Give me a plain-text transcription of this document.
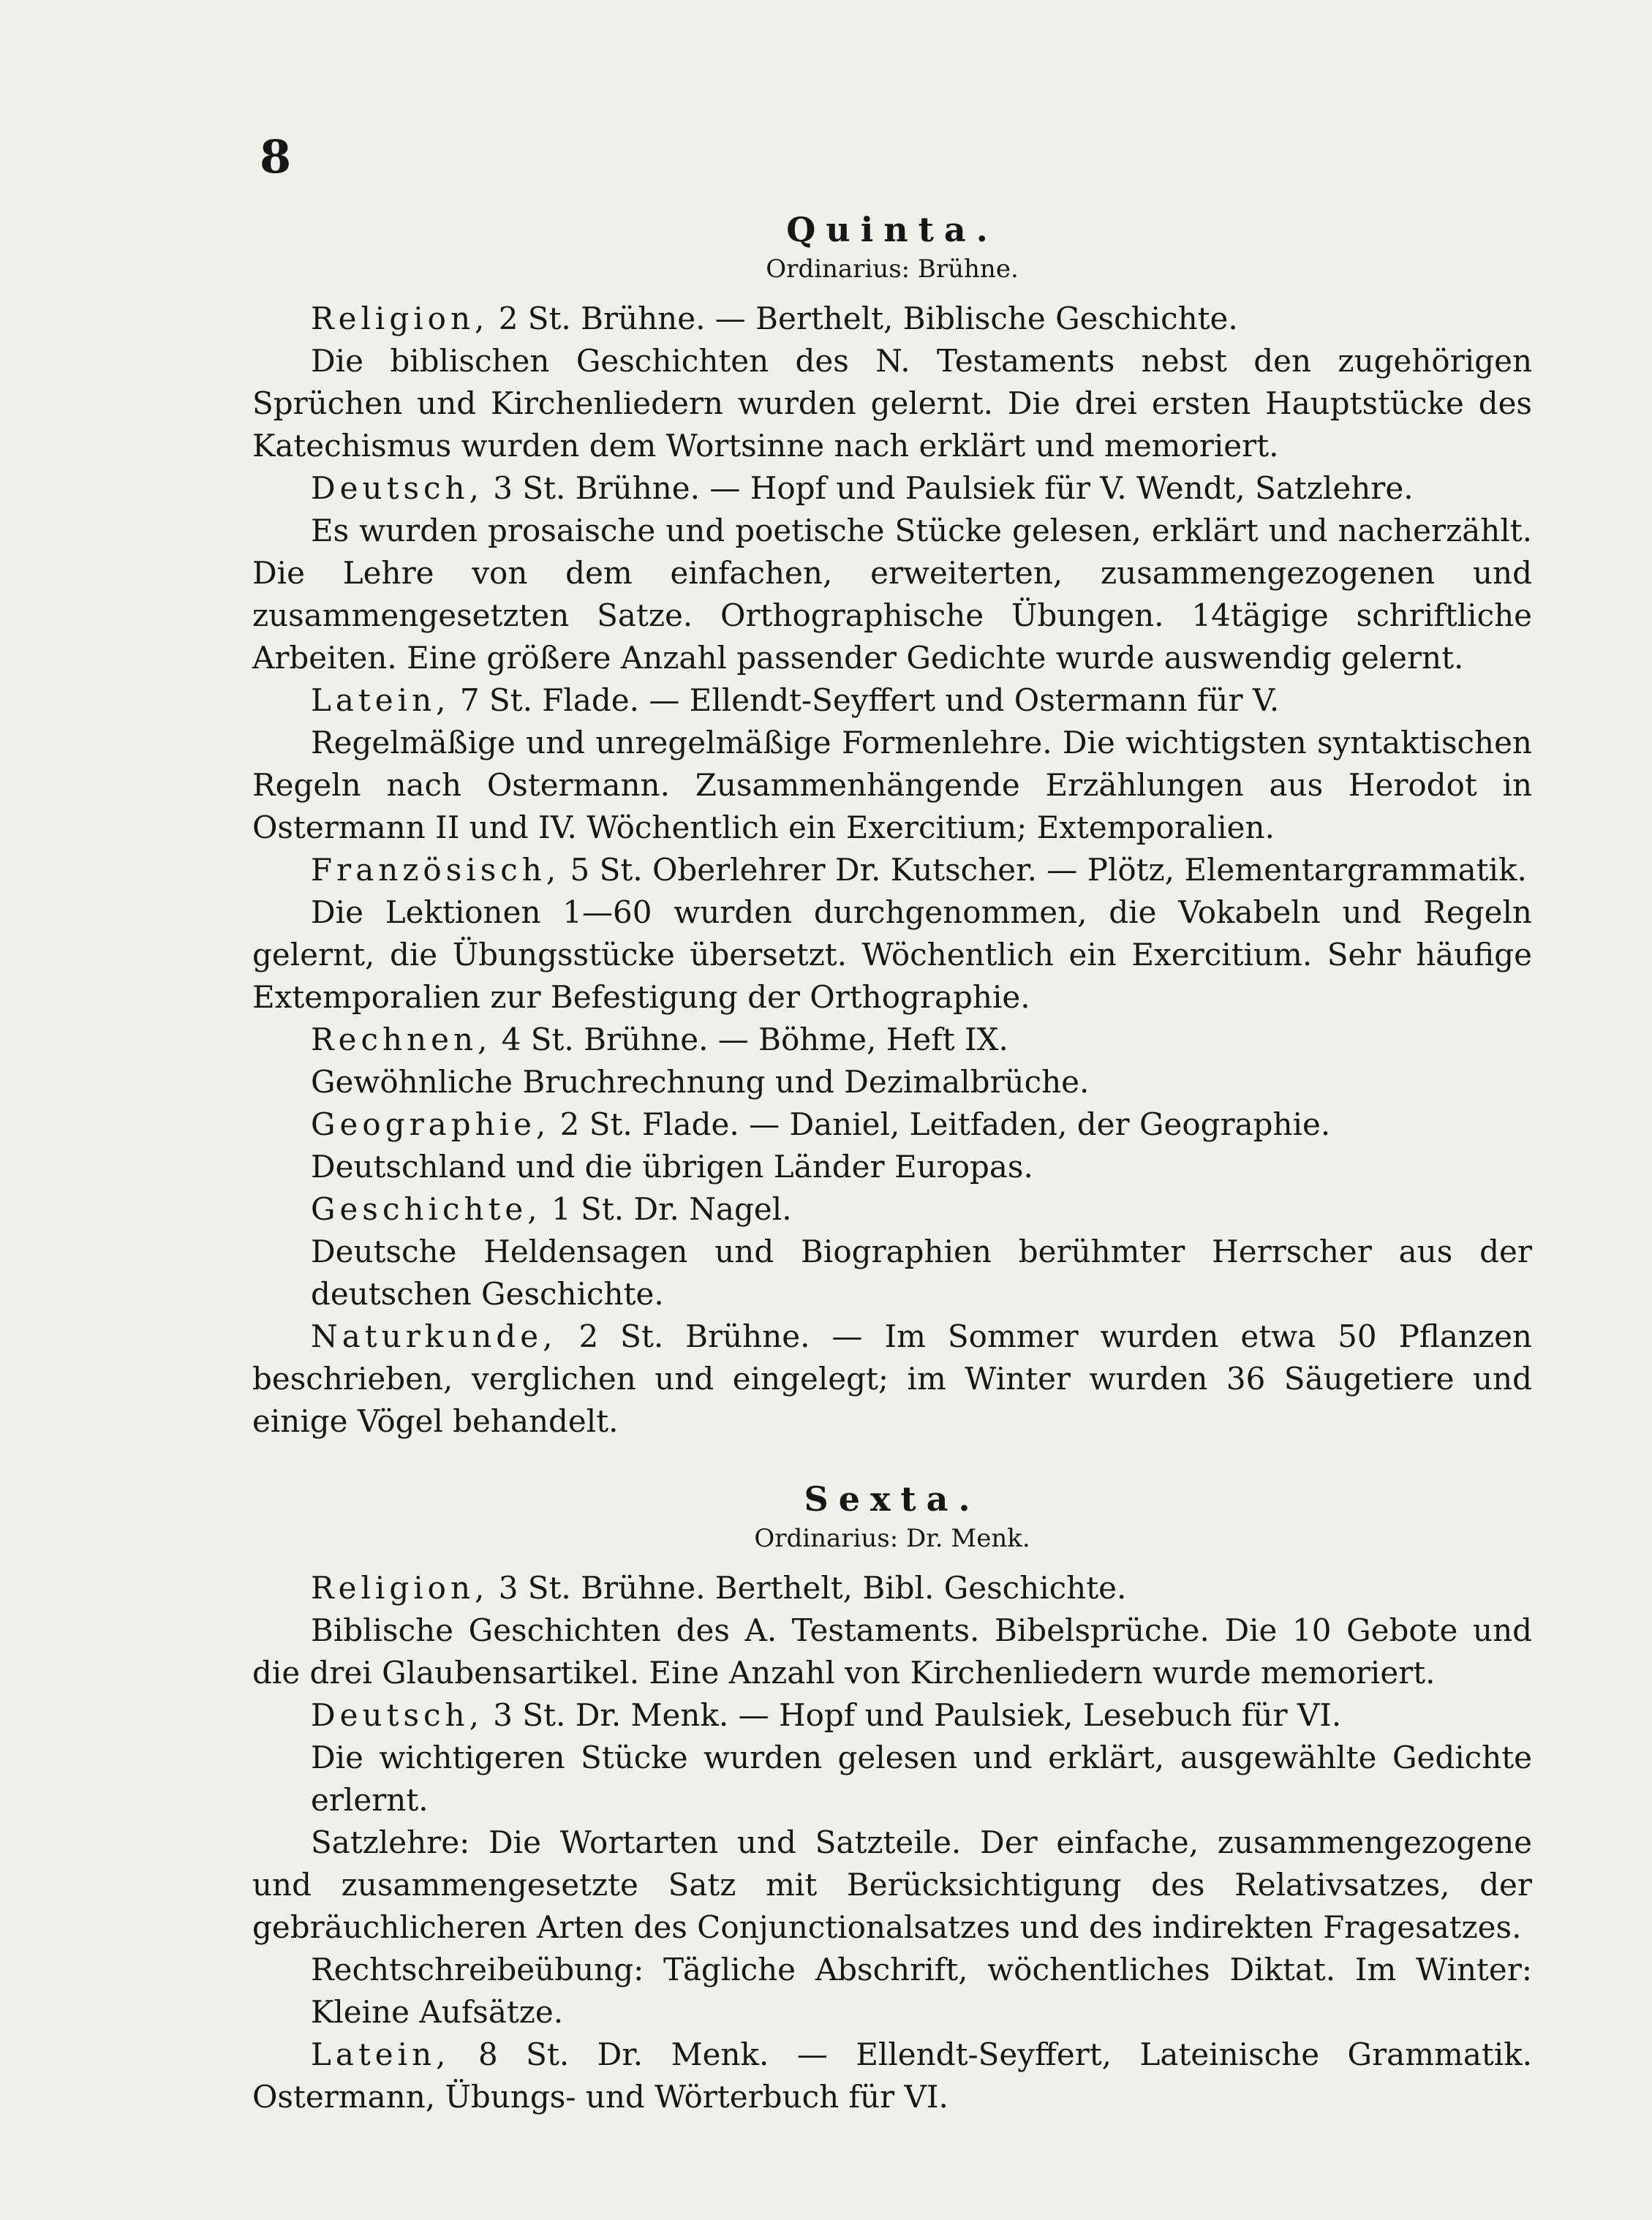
8
Quinta.
Ordinarius: Brühne.

Religion, 2 St. Brühne. — Berthelt, Biblische Geschichte.

Die biblischen Geschichten des N. Testaments nebst den zugehörigen Sprüchen und Kirchenliedern wurden gelernt. Die drei ersten Hauptstücke des Katechismus wurden dem Wortsinne nach erklärt und memoriert.

Deutsch, 3 St. Brühne. — Hopf und Paulsiek für V. Wendt, Satzlehre.

Es wurden prosaische und poetische Stücke gelesen, erklärt und nacherzählt. Die Lehre von dem einfachen, erweiterten, zusammengezogenen und zusammengesetzten Satze. Orthographische Übungen. 14tägige schriftliche Arbeiten. Eine größere Anzahl passender Gedichte wurde auswendig gelernt.

Latein, 7 St. Flade. — Ellendt-Seyffert und Ostermann für V.

Regelmäßige und unregelmäßige Formenlehre. Die wichtigsten syntaktischen Regeln nach Ostermann. Zusammenhängende Erzählungen aus Herodot in Ostermann II und IV. Wöchentlich ein Exercitium; Extemporalien.

Französisch, 5 St. Oberlehrer Dr. Kutscher. — Plötz, Elementargrammatik.

Die Lektionen 1—60 wurden durchgenommen, die Vokabeln und Regeln gelernt, die Übungsstücke übersetzt. Wöchentlich ein Exercitium. Sehr häufige Extemporalien zur Befestigung der Orthographie.

Rechnen, 4 St. Brühne. — Böhme, Heft IX.

Gewöhnliche Bruchrechnung und Dezimalbrüche.

Geographie, 2 St. Flade. — Daniel, Leitfaden, der Geographie.

Deutschland und die übrigen Länder Europas.

Geschichte, 1 St. Dr. Nagel.

Deutsche Heldensagen und Biographien berühmter Herrscher aus der deutschen Geschichte.

Naturkunde, 2 St. Brühne. — Im Sommer wurden etwa 50 Pflanzen beschrieben, verglichen und eingelegt; im Winter wurden 36 Säugetiere und einige Vögel behandelt.

Sexta.
Ordinarius: Dr. Menk.

Religion, 3 St. Brühne. Berthelt, Bibl. Geschichte.

Biblische Geschichten des A. Testaments. Bibelsprüche. Die 10 Gebote und die drei Glaubensartikel. Eine Anzahl von Kirchenliedern wurde memoriert.

Deutsch, 3 St. Dr. Menk. — Hopf und Paulsiek, Lesebuch für VI.

Die wichtigeren Stücke wurden gelesen und erklärt, ausgewählte Gedichte erlernt.

Satzlehre: Die Wortarten und Satzteile. Der einfache, zusammengezogene und zusammengesetzte Satz mit Berücksichtigung des Relativsatzes, der gebräuchlicheren Arten des Conjunctionalsatzes und des indirekten Fragesatzes.

Rechtschreibeübung: Tägliche Abschrift, wöchentliches Diktat. Im Winter: Kleine Aufsätze.

Latein, 8 St. Dr. Menk. — Ellendt-Seyffert, Lateinische Grammatik. Ostermann, Übungs- und Wörterbuch für VI.
